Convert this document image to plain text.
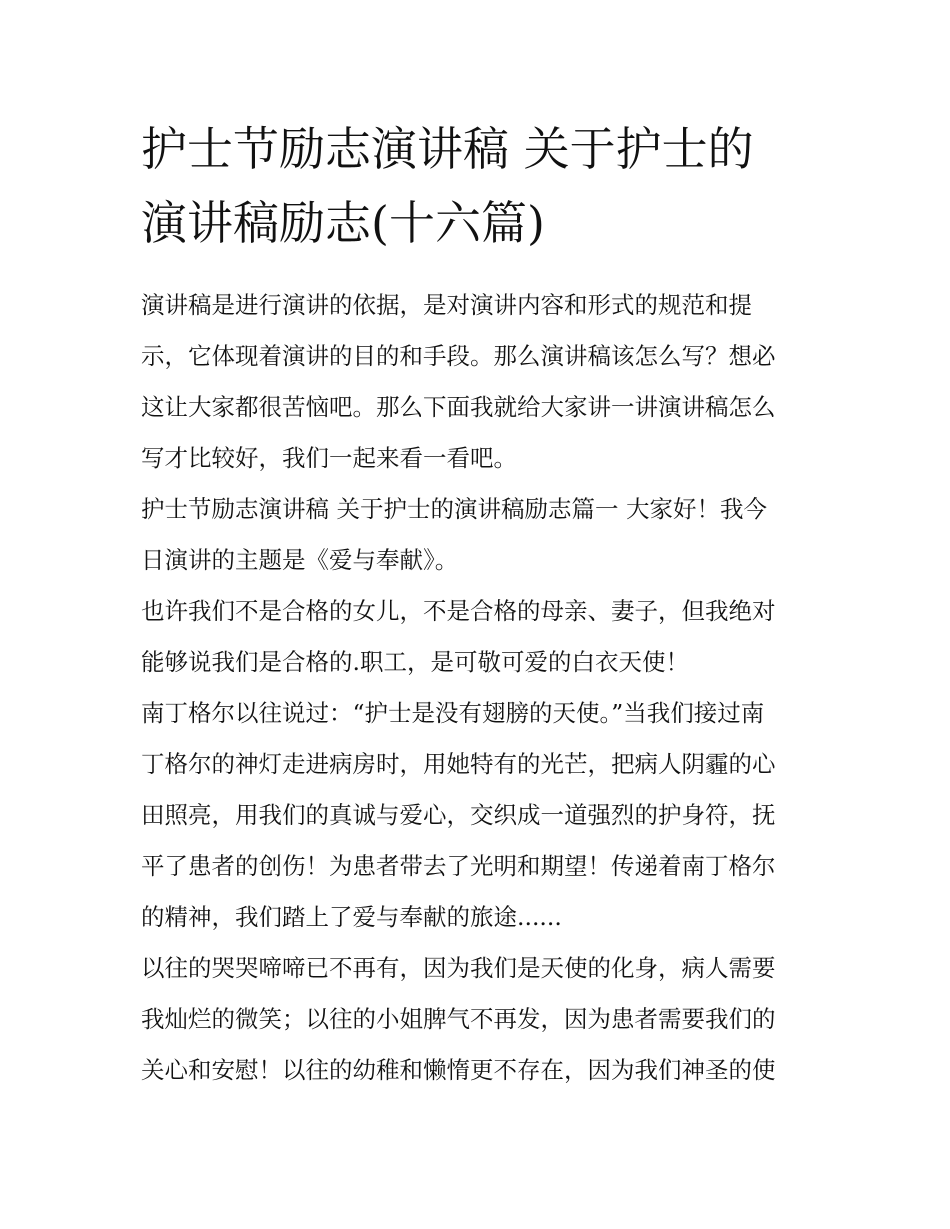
护士节励志演讲稿 关于护士的
演讲稿励志(十六篇)

演讲稿是进行演讲的依据，是对演讲内容和形式的规范和提
示，它体现着演讲的目的和手段。那么演讲稿该怎么写？想必
这让大家都很苦恼吧。那么下面我就给大家讲一讲演讲稿怎么
写才比较好，我们一起来看一看吧。

护士节励志演讲稿 关于护士的演讲稿励志篇一 大家好！我今
日演讲的主题是《爱与奉献》。

也许我们不是合格的女儿，不是合格的母亲、妻子，但我绝对
能够说我们是合格的.职工，是可敬可爱的白衣天使！

南丁格尔以往说过：“护士是没有翅膀的天使。”当我们接过南
丁格尔的神灯走进病房时，用她特有的光芒，把病人阴霾的心
田照亮，用我们的真诚与爱心，交织成一道强烈的护身符，抚
平了患者的创伤！为患者带去了光明和期望！传递着南丁格尔
的精神，我们踏上了爱与奉献的旅途......

以往的哭哭啼啼已不再有，因为我们是天使的化身，病人需要
我灿烂的微笑；以往的小姐脾气不再发，因为患者需要我们的
关心和安慰！以往的幼稚和懒惰更不存在，因为我们神圣的使
